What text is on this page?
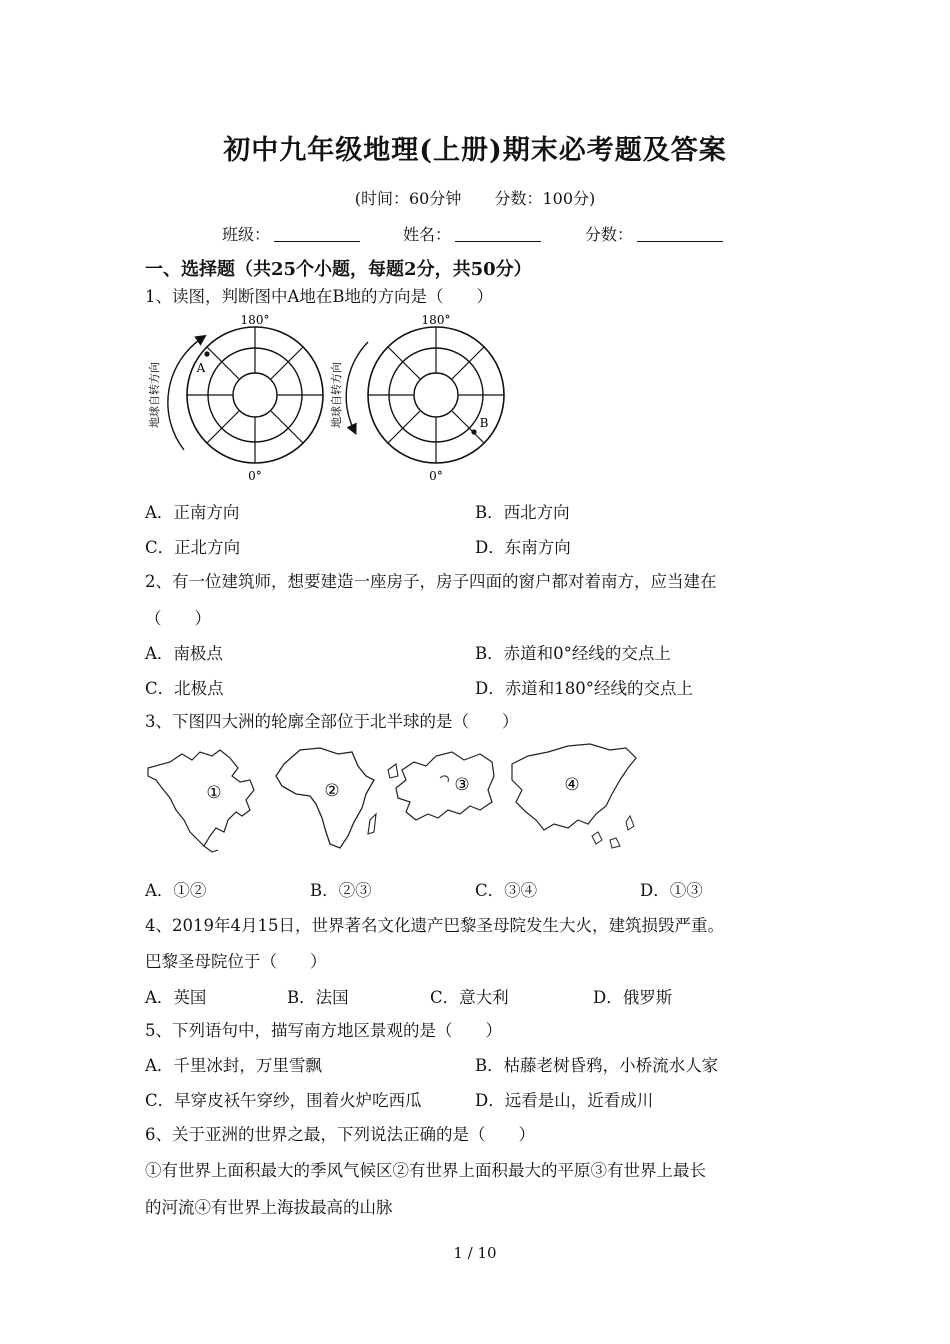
初中九年级地理(上册)期末必考题及答案
(时间：60分钟 分数：100分)
班级：	姓名：	分数：
一、选择题（共25个小题，每题2分，共50分）
1、读图，判断图中A地在B地的方向是（　　）
A
180°
0°
地球自转方向	B
180°
0°
地球自转方向
A．正南方向	B．西北方向
C．正北方向	D．东南方向
2、有一位建筑师，想要建造一座房子，房子四面的窗户都对着南方，应当建在
（　　）
A．南极点	B．赤道和0°经线的交点上
C．北极点	D．赤道和180°经线的交点上
3、下图四大洲的轮廓全部位于北半球的是（　　）
①	②	③	④
A．①②	B．②③	C．③④	D．①③
4、2019年4月15日，世界著名文化遗产巴黎圣母院发生大火，建筑损毁严重。
巴黎圣母院位于（　　）
A．英国	B．法国	C．意大利	D．俄罗斯
5、下列语句中，描写南方地区景观的是（　　）
A．千里冰封，万里雪飘	B．枯藤老树昏鸦，小桥流水人家
C．早穿皮袄午穿纱，围着火炉吃西瓜	D．远看是山，近看成川
6、关于亚洲的世界之最，下列说法正确的是（　　）
①有世界上面积最大的季风气候区②有世界上面积最大的平原③有世界上最长
的河流④有世界上海拔最高的山脉
1 / 10
